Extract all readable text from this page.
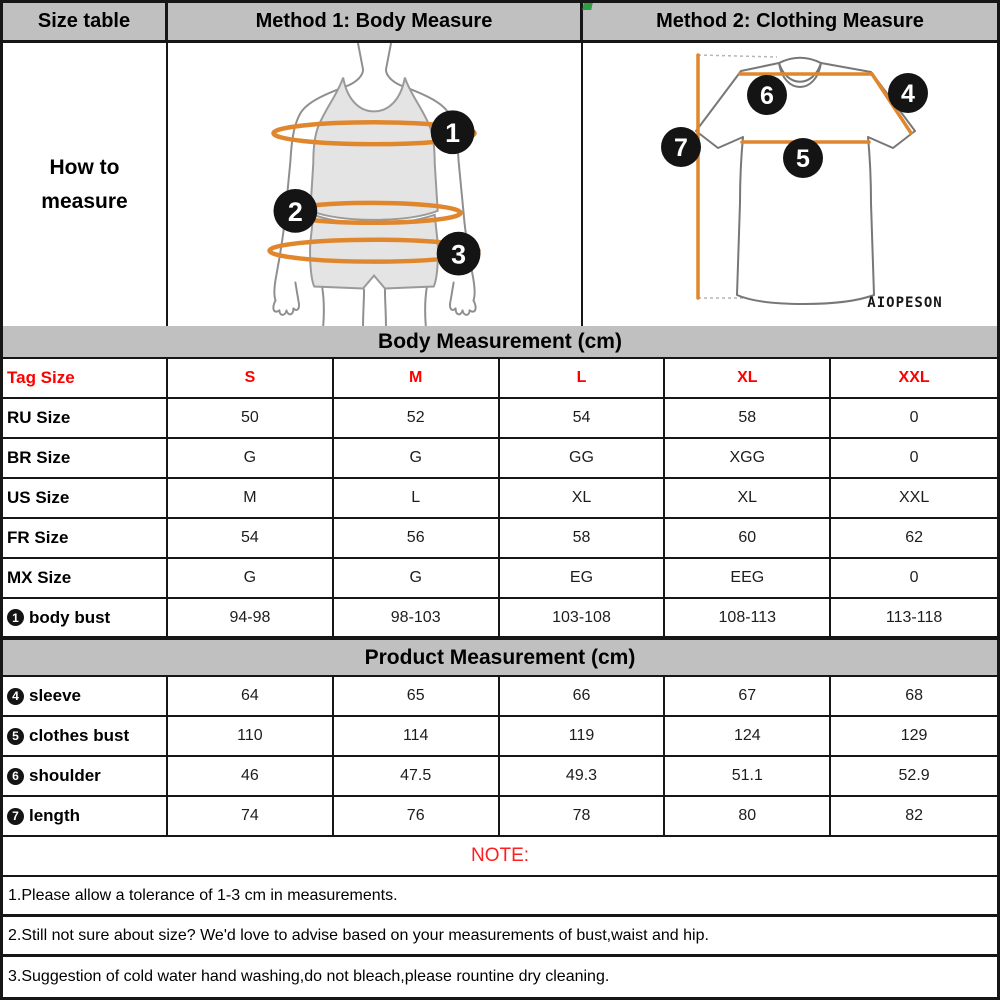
Size table	Method 1: Body Measure	Method 2: Clothing Measure
How to
measure
1
2
3
6	4
7	5
AIOPESON
Body Measurement (cm)
Tag Size	S	M	L	XL	XXL
RU Size	50	52	54	58	0
BR Size	G	G	GG	XGG	0
US Size	M	L	XL	XL	XXL
FR Size	54	56	58	60	62
MX Size	G	G	EG	EEG	0
1 body bust	94-98	98-103	103-108	108-113	113-118
Product Measurement (cm)
4 sleeve	64	65	66	67	68
5 clothes bust	110	114	119	124	129
6 shoulder	46	47.5	49.3	51.1	52.9
7 length	74	76	78	80	82
NOTE:
1.Please allow a tolerance of 1-3 cm in measurements.
2.Still not sure about size? We'd love to advise based on your measurements of bust,waist and hip.
3.Suggestion of cold water hand washing,do not bleach,please rountine dry cleaning.
